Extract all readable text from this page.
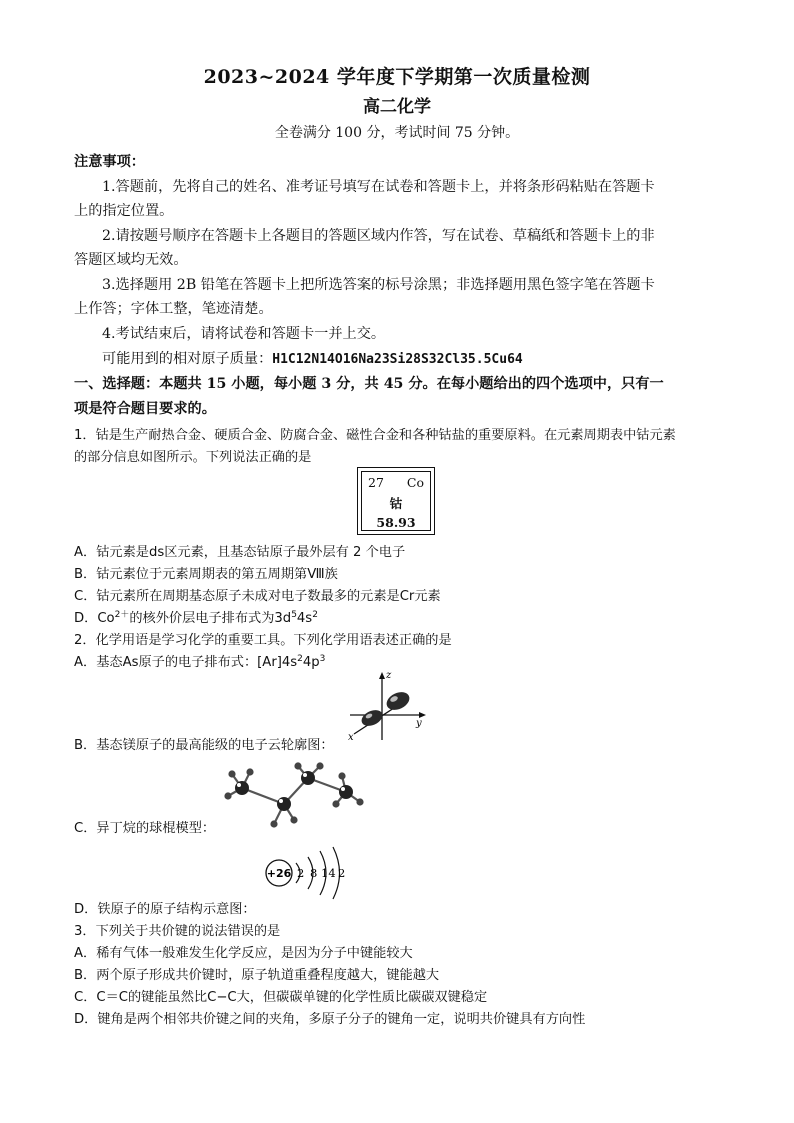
2023~2024 学年度下学期第一次质量检测
高二化学
全卷满分 100 分，考试时间 75 分钟。
注意事项：
1.答题前，先将自己的姓名、准考证号填写在试卷和答题卡上，并将条形码粘贴在答题卡
上的指定位置。
2.请按题号顺序在答题卡上各题目的答题区域内作答，写在试卷、草稿纸和答题卡上的非
答题区域均无效。
3.选择题用 2B 铅笔在答题卡上把所选答案的标号涂黑；非选择题用黑色签字笔在答题卡
上作答；字体工整，笔迹清楚。
4.考试结束后，请将试卷和答题卡一并上交。
可能用到的相对原子质量：H1C12N14O16Na23Si28S32Cl35.5Cu64
一、选择题：本题共 15 小题，每小题 3 分，共 45 分。在每小题给出的四个选项中，只有一
项是符合题目要求的。
1．钴是生产耐热合金、硬质合金、防腐合金、磁性合金和各种钴盐的重要原料。在元素周期表中钴元素
的部分信息如图所示。下列说法正确的是
27 Co
钴
58.93
A．钴元素是ds区元素，且基态钴原子最外层有 2 个电子
B．钴元素位于元素周期表的第五周期第Ⅷ族
C．钴元素所在周期基态原子未成对电子数最多的元素是Cr元素
D．$Co^{2+}$的核外价层电子排布式为$3d^54s^2$
2．化学用语是学习化学的重要工具。下列化学用语表述正确的是
A．基态As原子的电子排布式：$[Ar]4s^24p^3$
z
y
x
B．基态镁原子的最高能级的电子云轮廓图：
C．异丁烷的球棍模型：
+26 2 8 14 2
D．铁原子的原子结构示意图：
3．下列关于共价键的说法错误的是
A．稀有气体一般难发生化学反应，是因为分子中键能较大
B．两个原子形成共价键时，原子轨道重叠程度越大，键能越大
C．C＝C的键能虽然比C−C大，但碳碳单键的化学性质比碳碳双键稳定
D．键角是两个相邻共价键之间的夹角，多原子分子的键角一定，说明共价键具有方向性
